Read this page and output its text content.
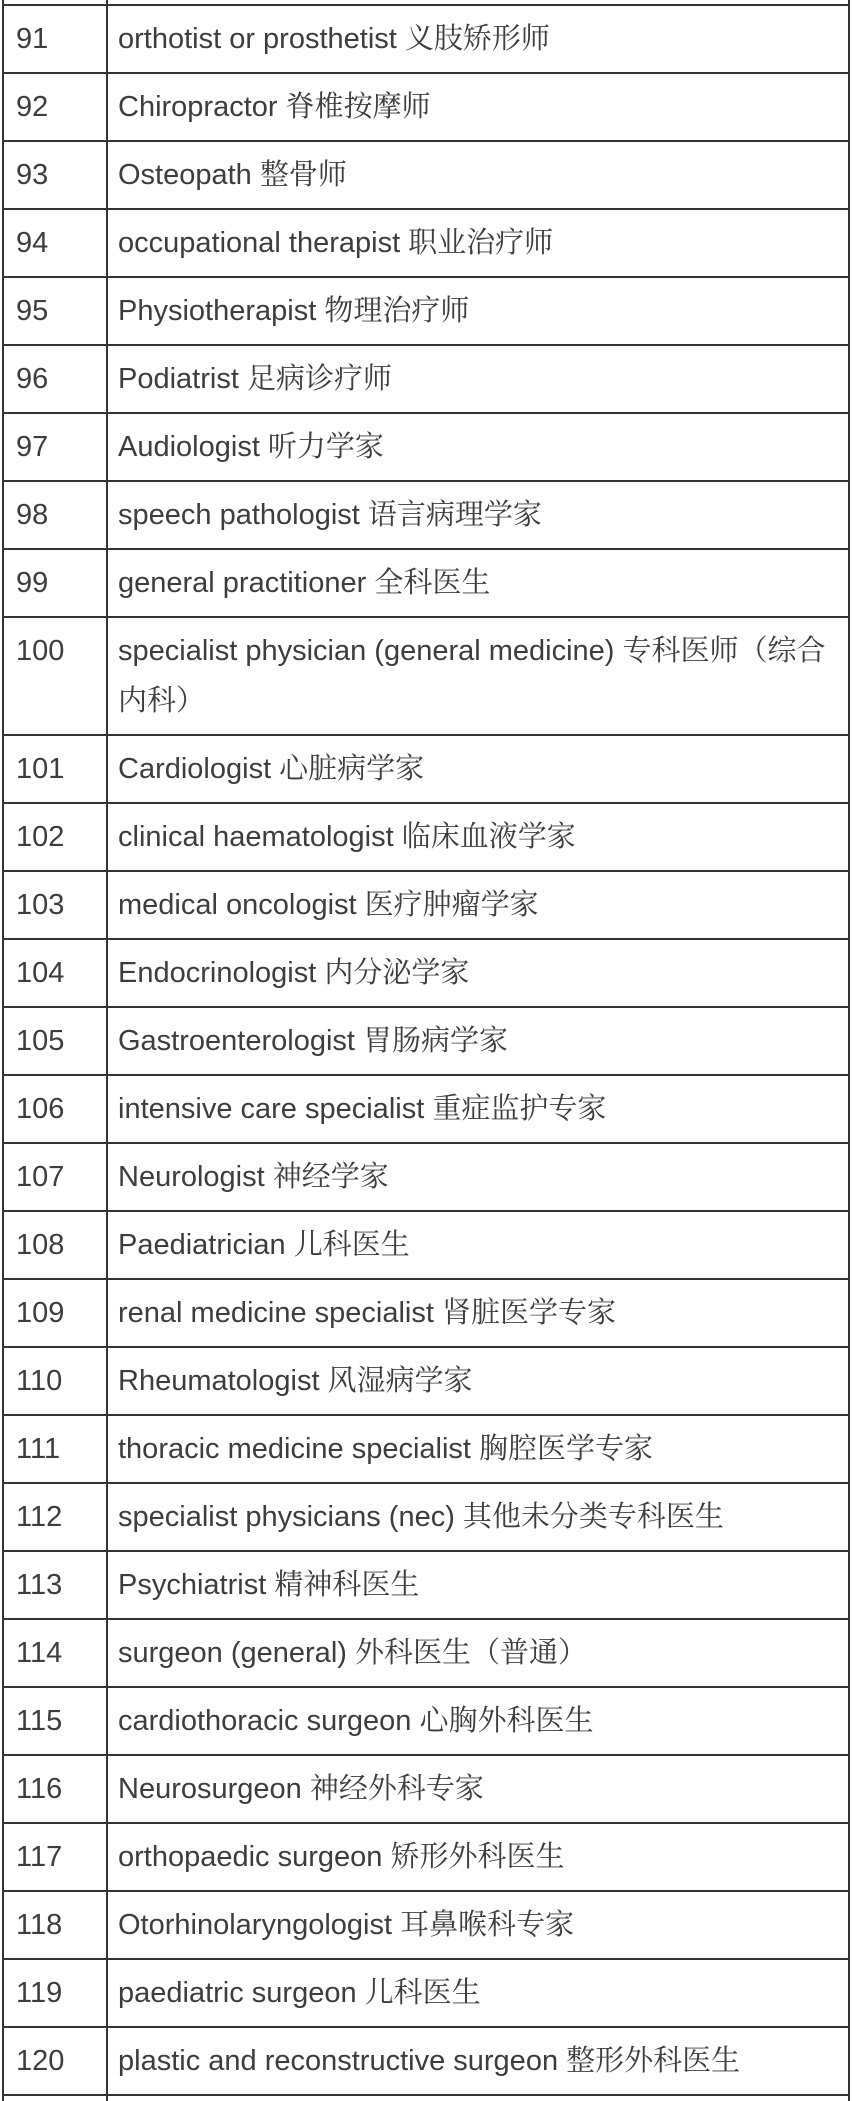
91	orthotist or prosthetist 义肢矫形师
92	Chiropractor 脊椎按摩师
93	Osteopath 整骨师
94	occupational therapist 职业治疗师
95	Physiotherapist 物理治疗师
96	Podiatrist 足病诊疗师
97	Audiologist 听力学家
98	speech pathologist 语言病理学家
99	general practitioner 全科医生
100	specialist physician (general medicine) 专科医师（综合内科）
101	Cardiologist 心脏病学家
102	clinical haematologist 临床血液学家
103	medical oncologist 医疗肿瘤学家
104	Endocrinologist 内分泌学家
105	Gastroenterologist 胃肠病学家
106	intensive care specialist 重症监护专家
107	Neurologist 神经学家
108	Paediatrician 儿科医生
109	renal medicine specialist 肾脏医学专家
110	Rheumatologist 风湿病学家
111	thoracic medicine specialist 胸腔医学专家
112	specialist physicians (nec) 其他未分类专科医生
113	Psychiatrist 精神科医生
114	surgeon (general) 外科医生（普通）
115	cardiothoracic surgeon 心胸外科医生
116	Neurosurgeon 神经外科专家
117	orthopaedic surgeon 矫形外科医生
118	Otorhinolaryngologist 耳鼻喉科专家
119	paediatric surgeon 儿科医生
120	plastic and reconstructive surgeon 整形外科医生
